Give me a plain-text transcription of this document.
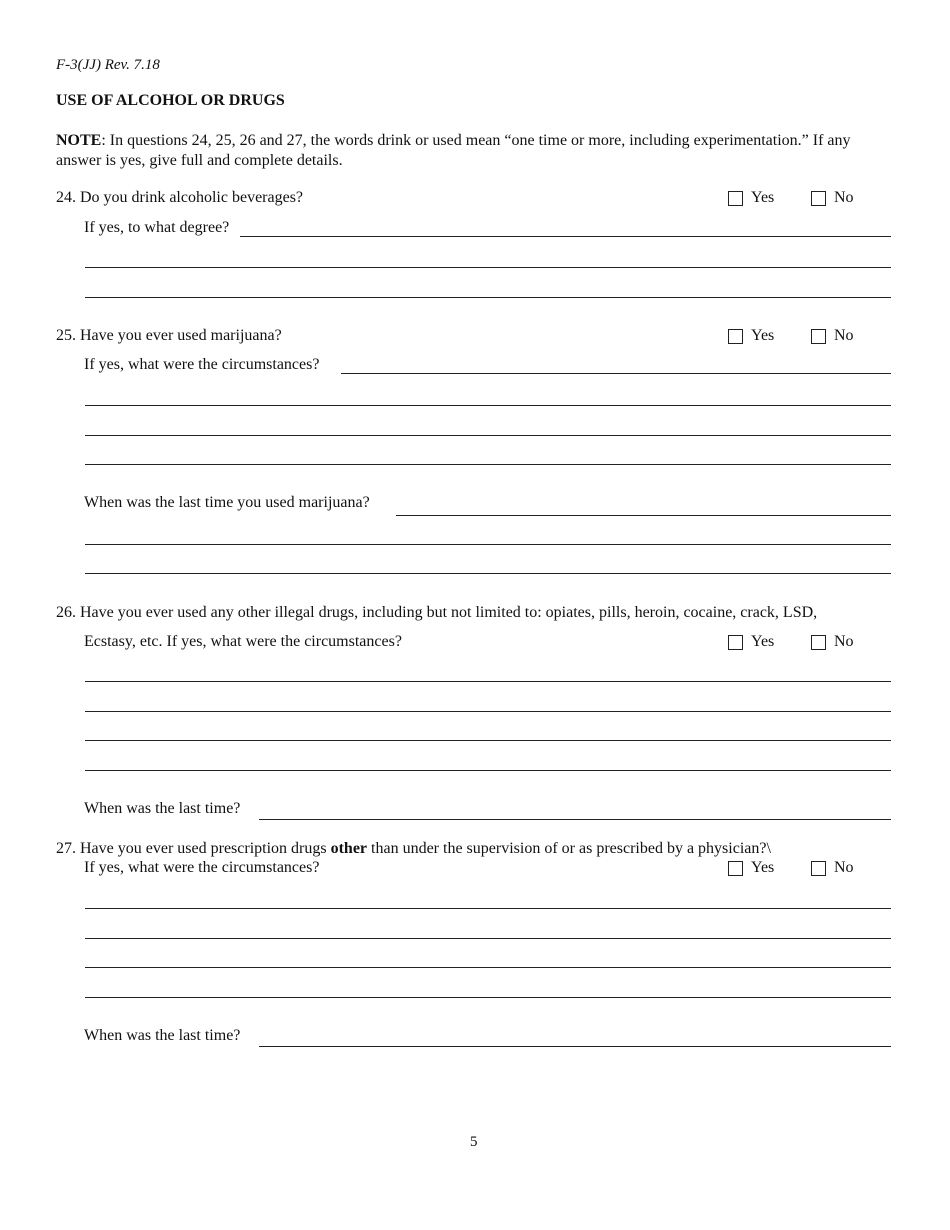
F-3(JJ) Rev. 7.18
USE OF ALCOHOL OR DRUGS
NOTE: In questions 24, 25, 26 and 27, the words drink or used mean “one time or more, including experimentation.” If any answer is yes, give full and complete details.
24. Do you drink alcoholic beverages?	Yes	No
If yes, to what degree?
25. Have you ever used marijuana?	Yes	No
If yes, what were the circumstances?
When was the last time you used marijuana?
26. Have you ever used any other illegal drugs, including but not limited to: opiates, pills, heroin, cocaine, crack, LSD,
Ecstasy, etc. If yes, what were the circumstances?	Yes	No
When was the last time?
27. Have you ever used prescription drugs other than under the supervision of or as prescribed by a physician?\
If yes, what were the circumstances?	Yes	No
When was the last time?
5
